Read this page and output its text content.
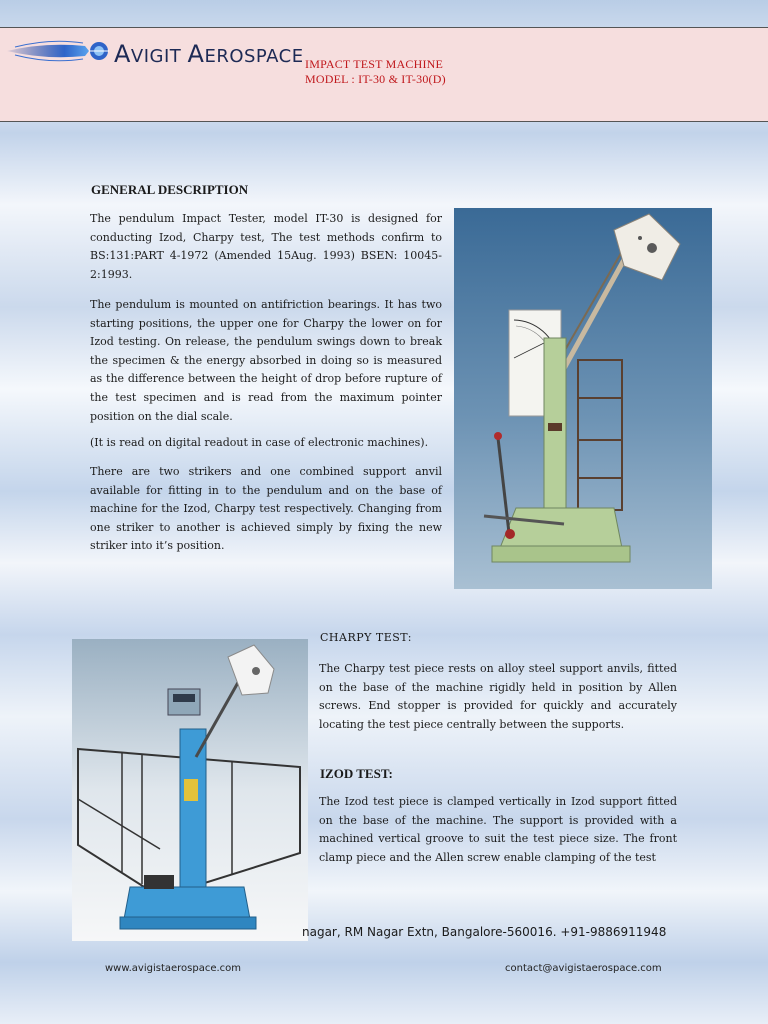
AVIGIT AEROSPACE IMPACT TEST MACHINE
MODEL : IT-30 & IT-30(D)
GENERAL DESCRIPTION

The pendulum Impact Tester, model IT-30 is designed for conducting Izod, Charpy test, The test methods confirm to BS:131:PART 4-1972 (Amended 15Aug. 1993) BSEN: 10045-2:1993.

The pendulum is mounted on antifriction bearings. It has two starting positions, the upper one for Charpy the lower on for Izod testing. On release, the pendulum swings down to break the specimen & the energy absorbed in doing so is measured as the difference between the height of drop before rupture of the test specimen and is read from the maximum pointer position on the dial scale.

(It is read on digital readout in case of electronic machines).

There are two strikers and one combined support anvil available for fitting in to the pendulum and on the base of machine for the Izod, Charpy test respectively. Changing from one striker to another is achieved simply by fixing the new striker into it’s position.

CHARPY TEST:

The Charpy test piece rests on alloy steel support anvils, fitted on the base of the machine rigidly held in position by Allen screws. End stopper is provided for quickly and accurately locating the test piece centrally between the supports.

IZOD TEST:

The Izod test piece is clamped vertically in Izod support fitted on the base of the machine. The support is provided with a machined vertical groove to suit the test piece size. The front clamp piece and the Allen screw enable clamping of the test

nagar, RM Nagar Extn, Bangalore-560016. +91-9886911948
www.avigistaerospace.com	contact@avigistaerospace.com
